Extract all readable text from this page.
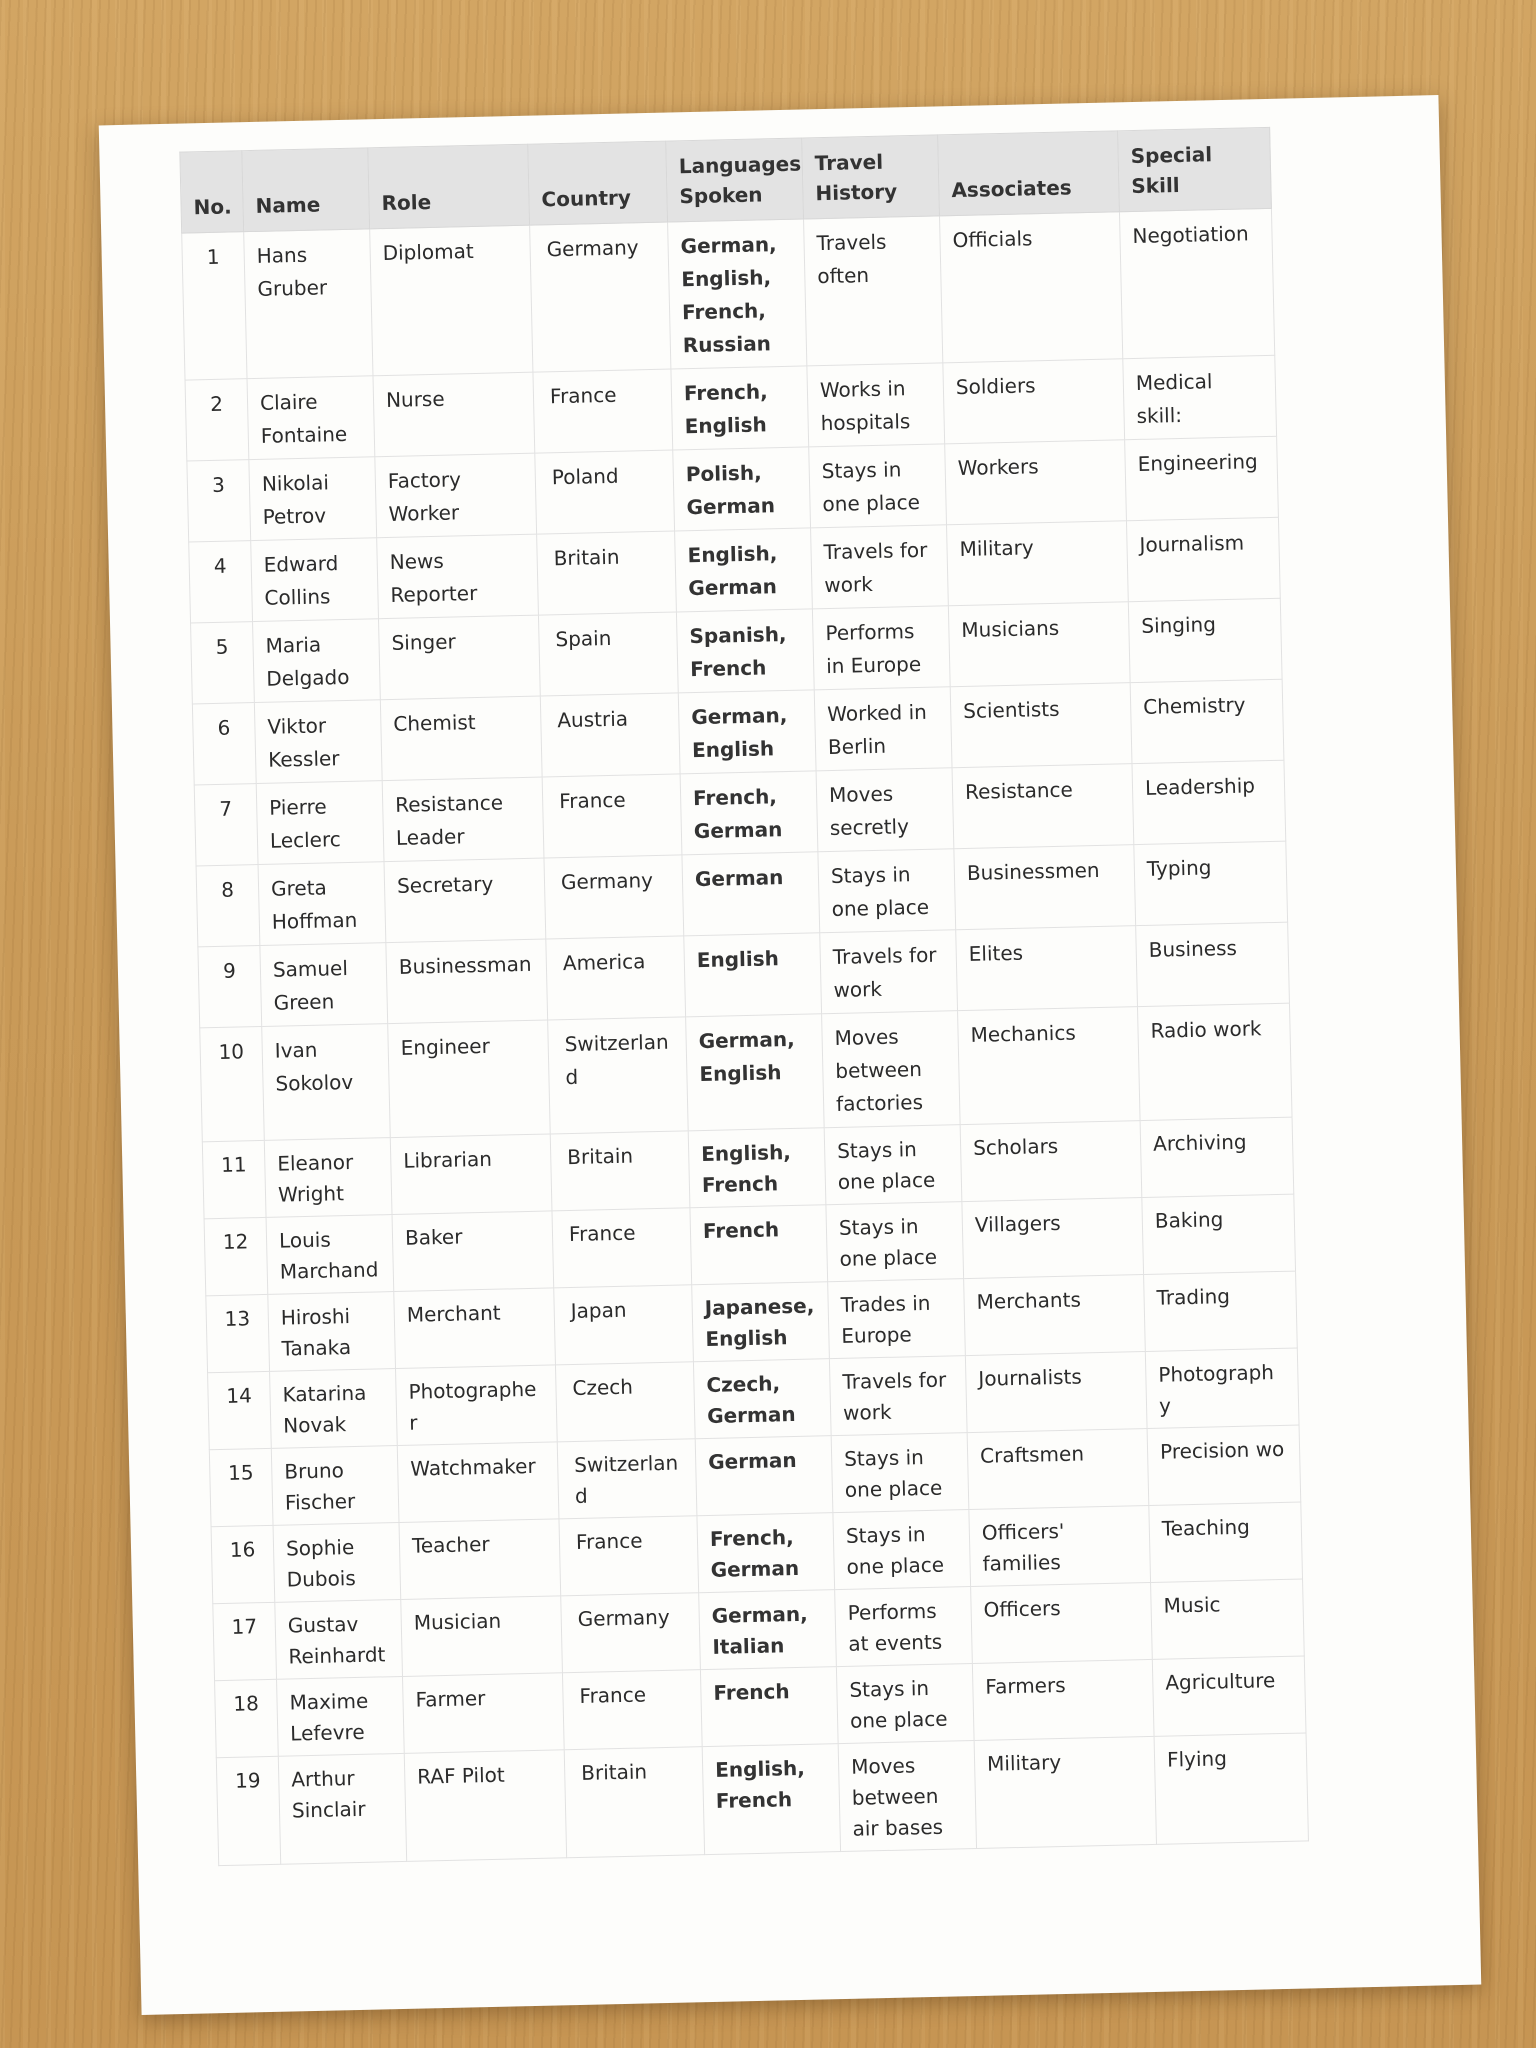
No.	Name	Role	Country	Languages Spoken	Travel History	Associates	Special Skill
1	Hans Gruber	Diplomat	Germany	German, English, French, Russian	Travels often	Officials	Negotiation
2	Claire Fontaine	Nurse	France	French, English	Works in hospitals	Soldiers	Medical skill:
3	Nikolai Petrov	Factory Worker	Poland	Polish, German	Stays in one place	Workers	Engineering
4	Edward Collins	News Reporter	Britain	English, German	Travels for work	Military	Journalism
5	Maria Delgado	Singer	Spain	Spanish, French	Performs in Europe	Musicians	Singing
6	Viktor Kessler	Chemist	Austria	German, English	Worked in Berlin	Scientists	Chemistry
7	Pierre Leclerc	Resistance Leader	France	French, German	Moves secretly	Resistance	Leadership
8	Greta Hoffman	Secretary	Germany	German	Stays in one place	Businessmen	Typing
9	Samuel Green	Businessman	America	English	Travels for work	Elites	Business
10	Ivan Sokolov	Engineer	Switzerland	German, English	Moves between factories	Mechanics	Radio work
11	Eleanor Wright	Librarian	Britain	English, French	Stays in one place	Scholars	Archiving
12	Louis Marchand	Baker	France	French	Stays in one place	Villagers	Baking
13	Hiroshi Tanaka	Merchant	Japan	Japanese, English	Trades in Europe	Merchants	Trading
14	Katarina Novak	Photographer	Czech	Czech, German	Travels for work	Journalists	Photography
15	Bruno Fischer	Watchmaker	Switzerland	German	Stays in one place	Craftsmen	Precision wo
16	Sophie Dubois	Teacher	France	French, German	Stays in one place	Officers' families	Teaching
17	Gustav Reinhardt	Musician	Germany	German, Italian	Performs at events	Officers	Music
18	Maxime Lefevre	Farmer	France	French	Stays in one place	Farmers	Agriculture
19	Arthur Sinclair	RAF Pilot	Britain	English, French	Moves between air bases	Military	Flying
